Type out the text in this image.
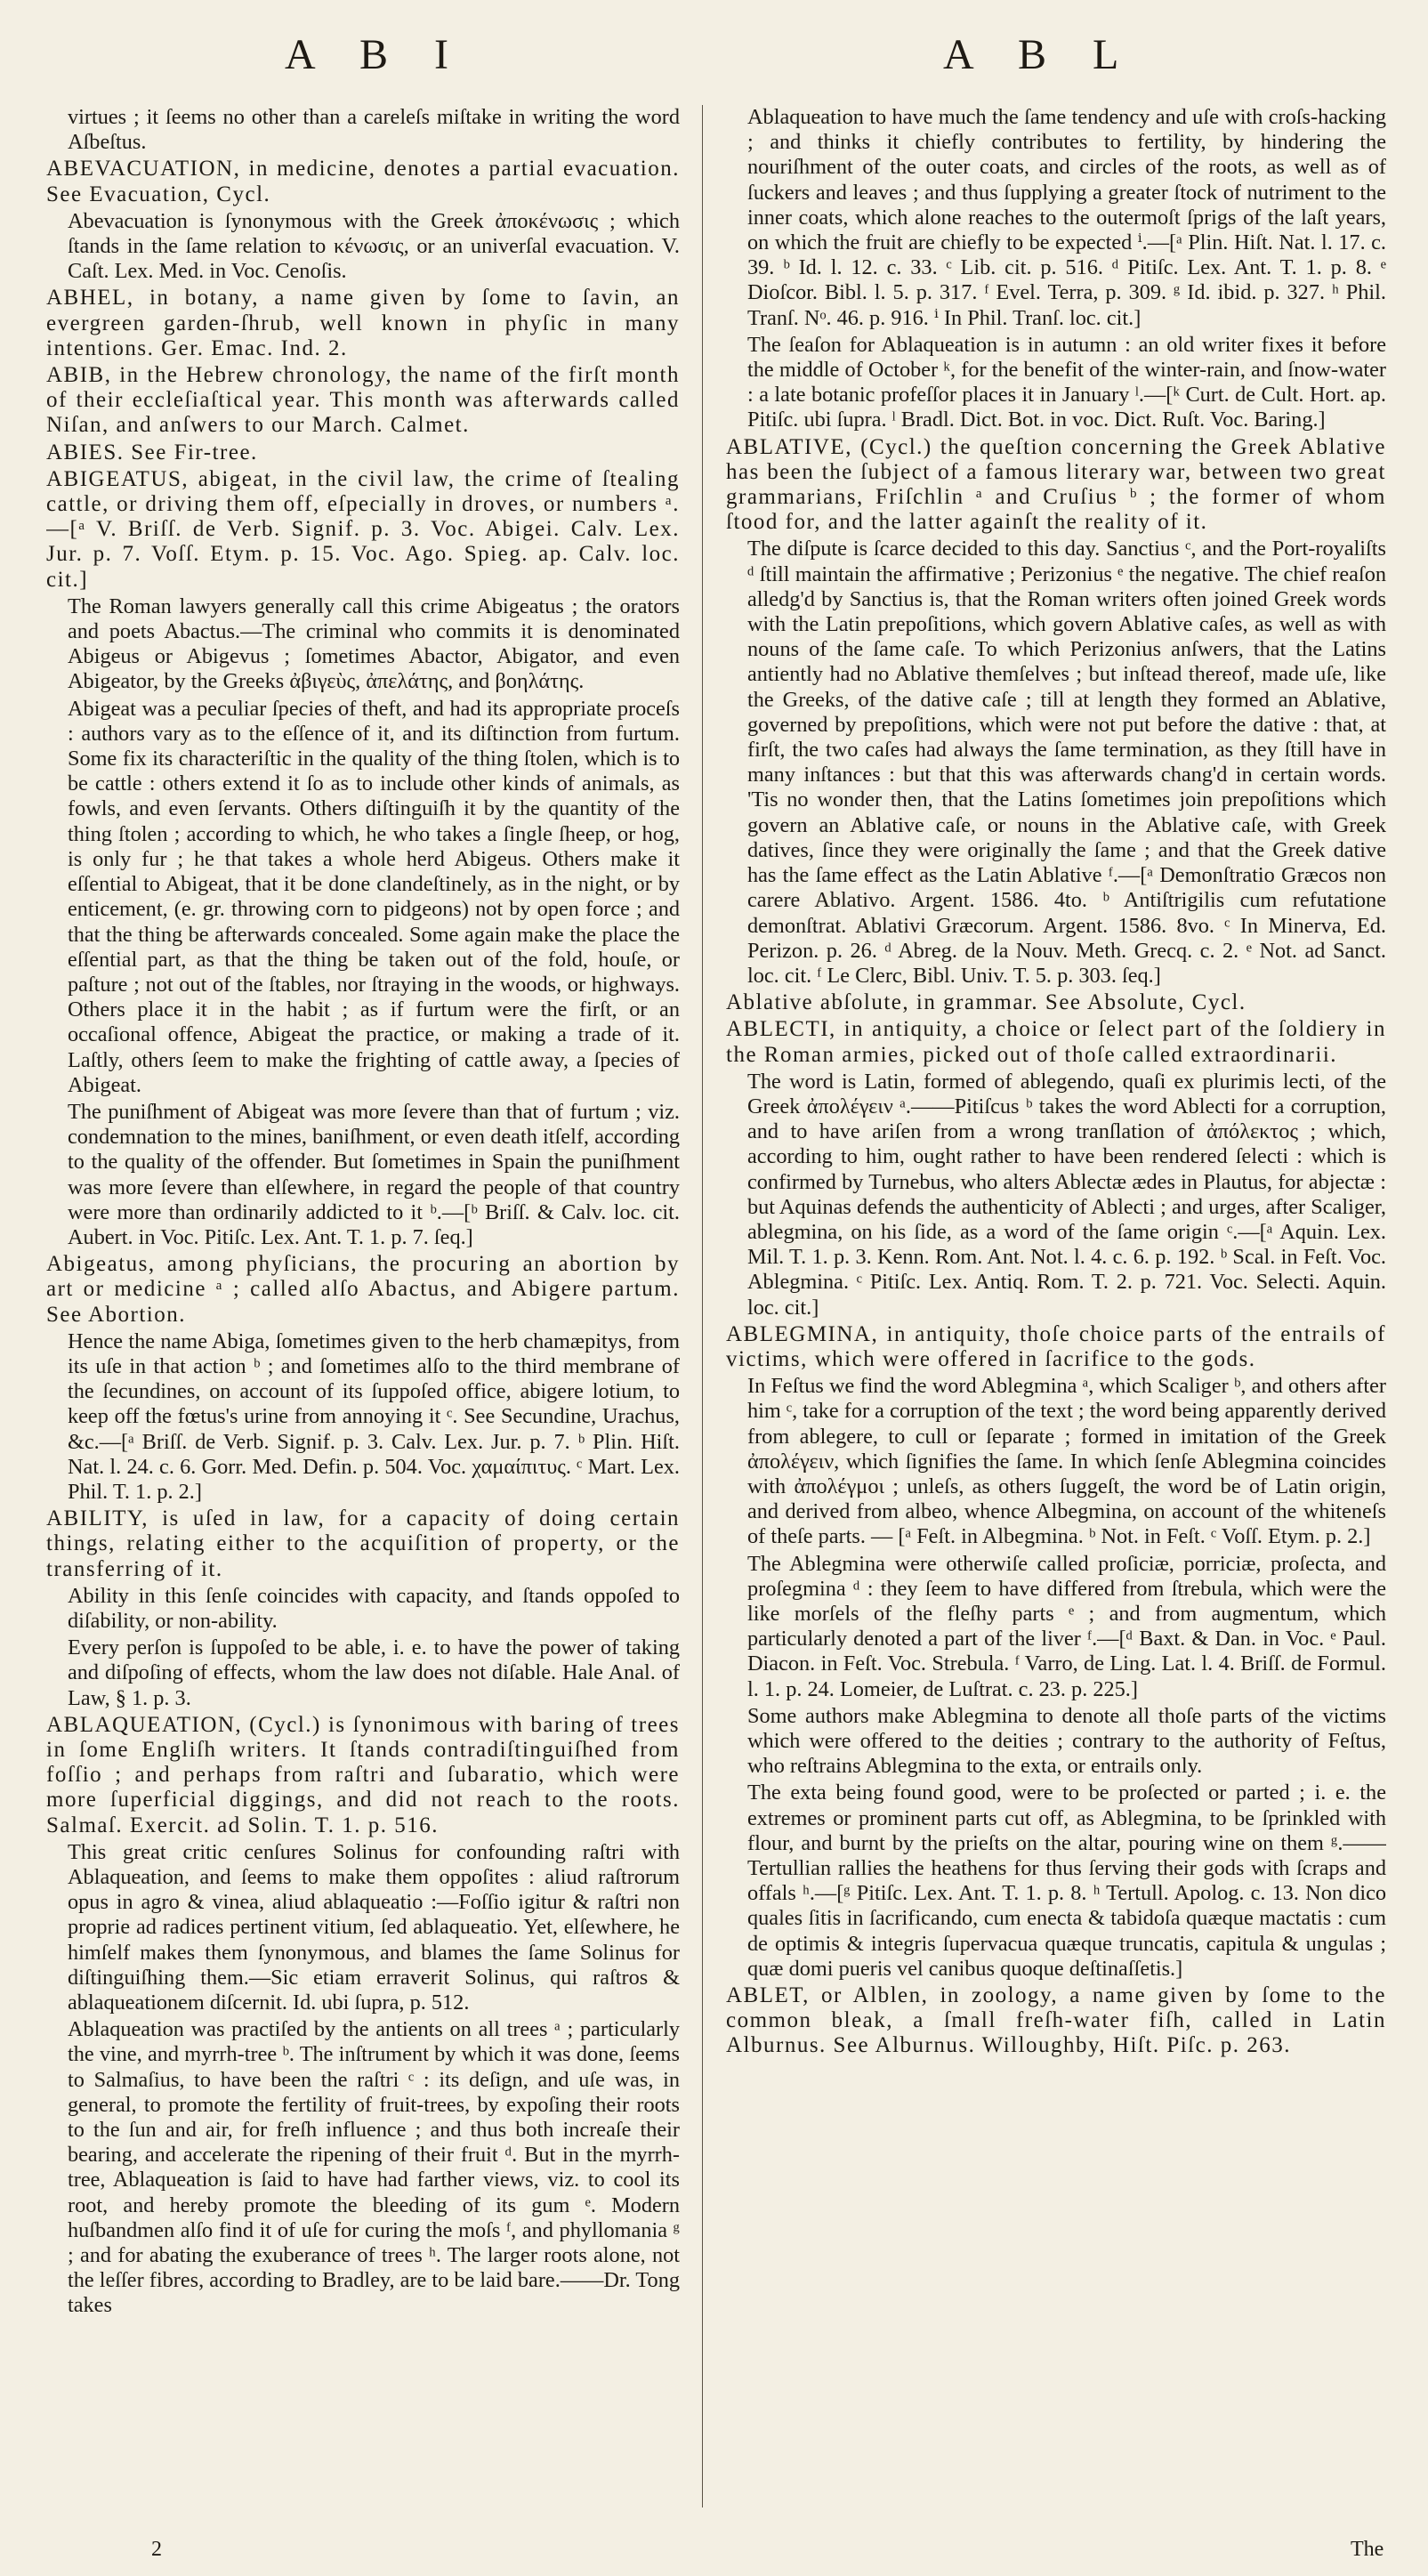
A B I	A B L

virtues ; it ſeems no other than a careleſs miſtake in writing the word Aſbeſtus.

ABEVACUATION, in medicine, denotes a partial evacuation. See Evacuation, Cycl.

Abevacuation is ſynonymous with the Greek ἀποκένωσις ; which ſtands in the ſame relation to κένωσις, or an univerſal evacuation. V. Caſt. Lex. Med. in Voc. Cenoſis.

ABHEL, in botany, a name given by ſome to ſavin, an evergreen garden-ſhrub, well known in phyſic in many intentions. Ger. Emac. Ind. 2.

ABIB, in the Hebrew chronology, the name of the firſt month of their eccleſiaſtical year. This month was afterwards called Niſan, and anſwers to our March. Calmet.

ABIES. See Fir-tree.

ABIGEATUS, abigeat, in the civil law, the crime of ſtealing cattle, or driving them off, eſpecially in droves, or numbers ᵃ.—[ᵃ V. Briſſ. de Verb. Signif. p. 3. Voc. Abigei. Calv. Lex. Jur. p. 7. Voſſ. Etym. p. 15. Voc. Ago. Spieg. ap. Calv. loc. cit.]

The Roman lawyers generally call this crime Abigeatus ; the orators and poets Abactus.—The criminal who commits it is denominated Abigeus or Abigevus ; ſometimes Abactor, Abigator, and even Abigeator, by the Greeks ἀβιγεὺς, ἀπελάτης, and βοηλάτης.

Abigeat was a peculiar ſpecies of theft, and had its appropriate proceſs : authors vary as to the eſſence of it, and its diſtinction from furtum. Some fix its characteriſtic in the quality of the thing ſtolen, which is to be cattle : others extend it ſo as to include other kinds of animals, as fowls, and even ſervants. Others diſtinguiſh it by the quantity of the thing ſtolen ; according to which, he who takes a ſingle ſheep, or hog, is only fur ; he that takes a whole herd Abigeus. Others make it eſſential to Abigeat, that it be done clandeſtinely, as in the night, or by enticement, (e. gr. throwing corn to pidgeons) not by open force ; and that the thing be afterwards concealed. Some again make the place the eſſential part, as that the thing be taken out of the fold, houſe, or paſture ; not out of the ſtables, nor ſtraying in the woods, or highways. Others place it in the habit ; as if furtum were the firſt, or an occaſional offence, Abigeat the practice, or making a trade of it. Laſtly, others ſeem to make the frighting of cattle away, a ſpecies of Abigeat.

The puniſhment of Abigeat was more ſevere than that of furtum ; viz. condemnation to the mines, baniſhment, or even death itſelf, according to the quality of the offender. But ſometimes in Spain the puniſhment was more ſevere than elſewhere, in regard the people of that country were more than ordinarily addicted to it ᵇ.—[ᵇ Briſſ. & Calv. loc. cit. Aubert. in Voc. Pitiſc. Lex. Ant. T. 1. p. 7. ſeq.]

Abigeatus, among phyſicians, the procuring an abortion by art or medicine ᵃ ; called alſo Abactus, and Abigere partum. See Abortion.

Hence the name Abiga, ſometimes given to the herb chamæpitys, from its uſe in that action ᵇ ; and ſometimes alſo to the third membrane of the ſecundines, on account of its ſuppoſed office, abigere lotium, to keep off the fœtus's urine from annoying it ᶜ. See Secundine, Urachus, &c.—[ᵃ Briſſ. de Verb. Signif. p. 3. Calv. Lex. Jur. p. 7. ᵇ Plin. Hiſt. Nat. l. 24. c. 6. Gorr. Med. Defin. p. 504. Voc. χαμαίπιτυς. ᶜ Mart. Lex. Phil. T. 1. p. 2.]

ABILITY, is uſed in law, for a capacity of doing certain things, relating either to the acquiſition of property, or the transferring of it.

Ability in this ſenſe coincides with capacity, and ſtands oppoſed to diſability, or non-ability.

Every perſon is ſuppoſed to be able, i. e. to have the power of taking and diſpoſing of effects, whom the law does not diſable. Hale Anal. of Law, § 1. p. 3.

ABLAQUEATION, (Cycl.) is ſynonimous with baring of trees in ſome Engliſh writers. It ſtands contradiſtinguiſhed from foſſio ; and perhaps from raſtri and ſubaratio, which were more ſuperficial diggings, and did not reach to the roots. Salmaſ. Exercit. ad Solin. T. 1. p. 516.

This great critic cenſures Solinus for confounding raſtri with Ablaqueation, and ſeems to make them oppoſites : aliud raſtrorum opus in agro & vinea, aliud ablaqueatio :—Foſſio igitur & raſtri non proprie ad radices pertinent vitium, ſed ablaqueatio. Yet, elſewhere, he himſelf makes them ſynonymous, and blames the ſame Solinus for diſtinguiſhing them.—Sic etiam erraverit Solinus, qui raſtros & ablaqueationem diſcernit. Id. ubi ſupra, p. 512.

Ablaqueation was practiſed by the antients on all trees ᵃ ; particularly the vine, and myrrh-tree ᵇ. The inſtrument by which it was done, ſeems to Salmaſius, to have been the raſtri ᶜ : its deſign, and uſe was, in general, to promote the fertility of fruit-trees, by expoſing their roots to the ſun and air, for freſh influence ; and thus both increaſe their bearing, and accelerate the ripening of their fruit ᵈ. But in the myrrh-tree, Ablaqueation is ſaid to have had farther views, viz. to cool its root, and hereby promote the bleeding of its gum ᵉ. Modern huſbandmen alſo find it of uſe for curing the moſs ᶠ, and phyllomania ᵍ ; and for abating the exuberance of trees ʰ. The larger roots alone, not the leſſer fibres, according to Bradley, are to be laid bare.——Dr. Tong takes

Ablaqueation to have much the ſame tendency and uſe with croſs-hacking ; and thinks it chiefly contributes to fertility, by hindering the nouriſhment of the outer coats, and circles of the roots, as well as of ſuckers and leaves ; and thus ſupplying a greater ſtock of nutriment to the inner coats, which alone reaches to the outermoſt ſprigs of the laſt years, on which the fruit are chiefly to be expected ⁱ.—[ᵃ Plin. Hiſt. Nat. l. 17. c. 39. ᵇ Id. l. 12. c. 33. ᶜ Lib. cit. p. 516. ᵈ Pitiſc. Lex. Ant. T. 1. p. 8. ᵉ Dioſcor. Bibl. l. 5. p. 317. ᶠ Evel. Terra, p. 309. ᵍ Id. ibid. p. 327. ʰ Phil. Tranſ. Nᵒ. 46. p. 916. ⁱ In Phil. Tranſ. loc. cit.]

The ſeaſon for Ablaqueation is in autumn : an old writer fixes it before the middle of October ᵏ, for the benefit of the winter-rain, and ſnow-water : a late botanic profeſſor places it in January ˡ.—[ᵏ Curt. de Cult. Hort. ap. Pitiſc. ubi ſupra. ˡ Bradl. Dict. Bot. in voc. Dict. Ruſt. Voc. Baring.]

ABLATIVE, (Cycl.) the queſtion concerning the Greek Ablative has been the ſubject of a famous literary war, between two great grammarians, Friſchlin ᵃ and Cruſius ᵇ ; the former of whom ſtood for, and the latter againſt the reality of it.

The diſpute is ſcarce decided to this day. Sanctius ᶜ, and the Port-royaliſts ᵈ ſtill maintain the affirmative ; Perizonius ᵉ the negative. The chief reaſon alledg'd by Sanctius is, that the Roman writers often joined Greek words with the Latin prepoſitions, which govern Ablative caſes, as well as with nouns of the ſame caſe. To which Perizonius anſwers, that the Latins antiently had no Ablative themſelves ; but inſtead thereof, made uſe, like the Greeks, of the dative caſe ; till at length they formed an Ablative, governed by prepoſitions, which were not put before the dative : that, at firſt, the two caſes had always the ſame termination, as they ſtill have in many inſtances : but that this was afterwards chang'd in certain words. 'Tis no wonder then, that the Latins ſometimes join prepoſitions which govern an Ablative caſe, or nouns in the Ablative caſe, with Greek datives, ſince they were originally the ſame ; and that the Greek dative has the ſame effect as the Latin Ablative ᶠ.—[ᵃ Demonſtratio Græcos non carere Ablativo. Argent. 1586. 4to. ᵇ Antiſtrigilis cum refutatione demonſtrat. Ablativi Græcorum. Argent. 1586. 8vo. ᶜ In Minerva, Ed. Perizon. p. 26. ᵈ Abreg. de la Nouv. Meth. Grecq. c. 2. ᵉ Not. ad Sanct. loc. cit. ᶠ Le Clerc, Bibl. Univ. T. 5. p. 303. ſeq.]

Ablative abſolute, in grammar. See Absolute, Cycl.

ABLECTI, in antiquity, a choice or ſelect part of the ſoldiery in the Roman armies, picked out of thoſe called extraordinarii.

The word is Latin, formed of ablegendo, quaſi ex plurimis lecti, of the Greek ἀπολέγειν ᵃ.——Pitiſcus ᵇ takes the word Ablecti for a corruption, and to have ariſen from a wrong tranſlation of ἀπόλεκτος ; which, according to him, ought rather to have been rendered ſelecti : which is confirmed by Turnebus, who alters Ablectæ ædes in Plautus, for abjectæ : but Aquinas defends the authenticity of Ablecti ; and urges, after Scaliger, ablegmina, on his ſide, as a word of the ſame origin ᶜ.—[ᵃ Aquin. Lex. Mil. T. 1. p. 3. Kenn. Rom. Ant. Not. l. 4. c. 6. p. 192. ᵇ Scal. in Feſt. Voc. Ablegmina. ᶜ Pitiſc. Lex. Antiq. Rom. T. 2. p. 721. Voc. Selecti. Aquin. loc. cit.]

ABLEGMINA, in antiquity, thoſe choice parts of the entrails of victims, which were offered in ſacrifice to the gods.

In Feſtus we find the word Ablegmina ᵃ, which Scaliger ᵇ, and others after him ᶜ, take for a corruption of the text ; the word being apparently derived from ablegere, to cull or ſeparate ; formed in imitation of the Greek ἀπολέγειν, which ſignifies the ſame. In which ſenſe Ablegmina coincides with ἀπολέγμοι ; unleſs, as others ſuggeſt, the word be of Latin origin, and derived from albeo, whence Albegmina, on account of the whiteneſs of theſe parts. — [ᵃ Feſt. in Albegmina. ᵇ Not. in Feſt. ᶜ Voſſ. Etym. p. 2.]

The Ablegmina were otherwiſe called proſiciæ, porriciæ, proſecta, and proſegmina ᵈ : they ſeem to have differed from ſtrebula, which were the like morſels of the fleſhy parts ᵉ ; and from augmentum, which particularly denoted a part of the liver ᶠ.—[ᵈ Baxt. & Dan. in Voc. ᵉ Paul. Diacon. in Feſt. Voc. Strebula. ᶠ Varro, de Ling. Lat. l. 4. Briſſ. de Formul. l. 1. p. 24. Lomeier, de Luſtrat. c. 23. p. 225.]

Some authors make Ablegmina to denote all thoſe parts of the victims which were offered to the deities ; contrary to the authority of Feſtus, who reſtrains Ablegmina to the exta, or entrails only.

The exta being found good, were to be proſected or parted ; i. e. the extremes or prominent parts cut off, as Ablegmina, to be ſprinkled with flour, and burnt by the prieſts on the altar, pouring wine on them ᵍ.——Tertullian rallies the heathens for thus ſerving their gods with ſcraps and offals ʰ.—[ᵍ Pitiſc. Lex. Ant. T. 1. p. 8. ʰ Tertull. Apolog. c. 13. Non dico quales ſitis in ſacrificando, cum enecta & tabidoſa quæque mactatis : cum de optimis & integris ſupervacua quæque truncatis, capitula & ungulas ; quæ domi pueris vel canibus quoque deſtinaſſetis.]

ABLET, or Alblen, in zoology, a name given by ſome to the common bleak, a ſmall freſh-water fiſh, called in Latin Alburnus. See Alburnus. Willoughby, Hiſt. Piſc. p. 263.

2	The
